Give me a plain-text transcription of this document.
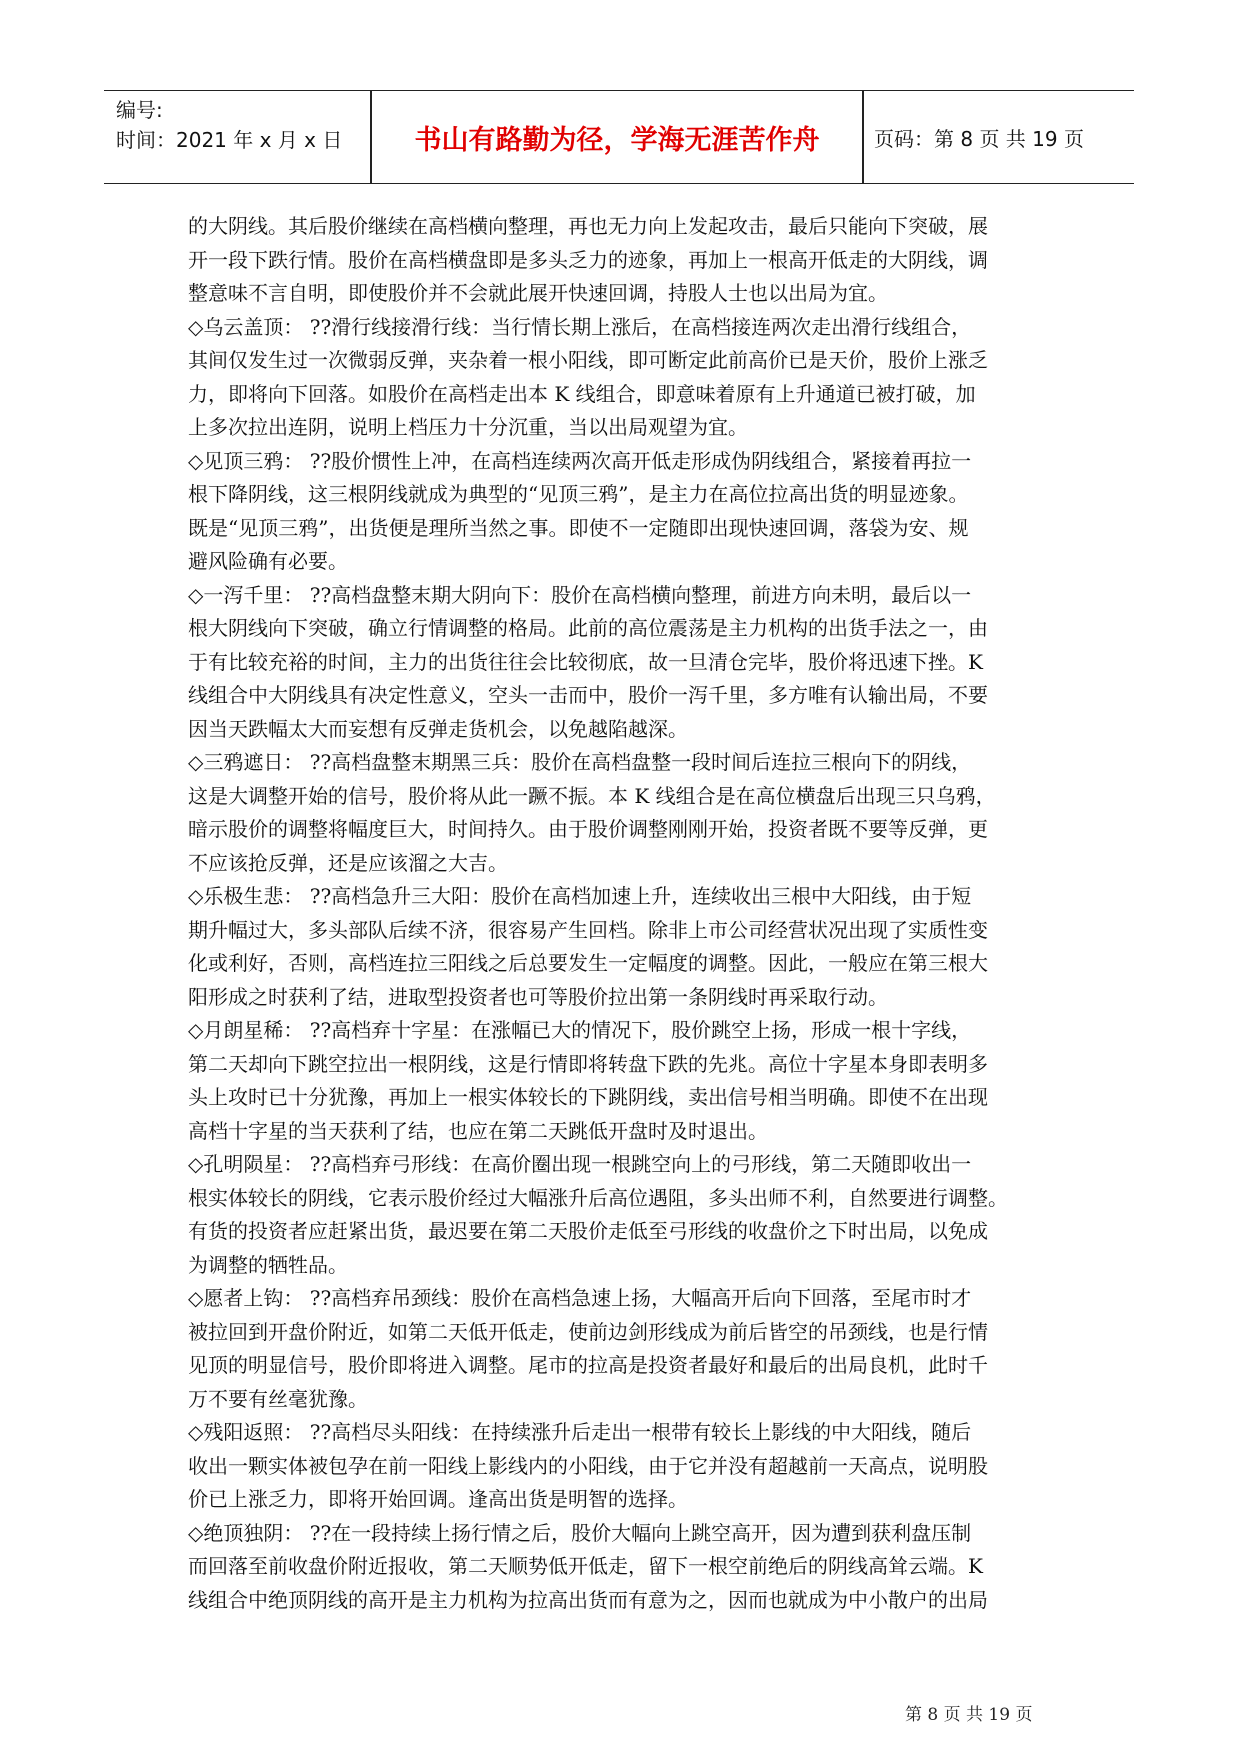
编号:
时间：2021 年 x 月 x 日	书山有路勤为径，学海无涯苦作舟	页码：第 8 页 共 19 页
的大阴线。其后股价继续在高档横向整理，再也无力向上发起攻击，最后只能向下突破，展
开一段下跌行情。股价在高档横盘即是多头乏力的迹象，再加上一根高开低走的大阴线，调
整意味不言自明，即使股价并不会就此展开快速回调，持股人士也以出局为宜。
◇乌云盖顶： ??滑行线接滑行线：当行情长期上涨后，在高档接连两次走出滑行线组合，
其间仅发生过一次微弱反弹，夹杂着一根小阳线，即可断定此前高价已是天价，股价上涨乏
力，即将向下回落。如股价在高档走出本 K 线组合，即意味着原有上升通道已被打破，加
上多次拉出连阴，说明上档压力十分沉重，当以出局观望为宜。
◇见顶三鸦： ??股价惯性上冲，在高档连续两次高开低走形成伪阴线组合，紧接着再拉一
根下降阴线，这三根阴线就成为典型的“见顶三鸦”，是主力在高位拉高出货的明显迹象。
既是“见顶三鸦”，出货便是理所当然之事。即使不一定随即出现快速回调，落袋为安、规
避风险确有必要。
◇一泻千里： ??高档盘整末期大阴向下：股价在高档横向整理，前进方向未明，最后以一
根大阴线向下突破，确立行情调整的格局。此前的高位震荡是主力机构的出货手法之一，由
于有比较充裕的时间，主力的出货往往会比较彻底，故一旦清仓完毕，股价将迅速下挫。K
线组合中大阴线具有决定性意义，空头一击而中，股价一泻千里，多方唯有认输出局，不要
因当天跌幅太大而妄想有反弹走货机会，以免越陷越深。
◇三鸦遮日： ??高档盘整末期黑三兵：股价在高档盘整一段时间后连拉三根向下的阴线，
这是大调整开始的信号，股价将从此一蹶不振。本 K 线组合是在高位横盘后出现三只乌鸦，
暗示股价的调整将幅度巨大，时间持久。由于股价调整刚刚开始，投资者既不要等反弹，更
不应该抢反弹，还是应该溜之大吉。
◇乐极生悲： ??高档急升三大阳：股价在高档加速上升，连续收出三根中大阳线，由于短
期升幅过大，多头部队后续不济，很容易产生回档。除非上市公司经营状况出现了实质性变
化或利好，否则，高档连拉三阳线之后总要发生一定幅度的调整。因此，一般应在第三根大
阳形成之时获利了结，进取型投资者也可等股价拉出第一条阴线时再采取行动。
◇月朗星稀： ??高档弃十字星：在涨幅已大的情况下，股价跳空上扬，形成一根十字线，
第二天却向下跳空拉出一根阴线，这是行情即将转盘下跌的先兆。高位十字星本身即表明多
头上攻时已十分犹豫，再加上一根实体较长的下跳阴线，卖出信号相当明确。即使不在出现
高档十字星的当天获利了结，也应在第二天跳低开盘时及时退出。
◇孔明陨星： ??高档弃弓形线：在高价圈出现一根跳空向上的弓形线，第二天随即收出一
根实体较长的阴线，它表示股价经过大幅涨升后高位遇阻，多头出师不利，自然要进行调整。
有货的投资者应赶紧出货，最迟要在第二天股价走低至弓形线的收盘价之下时出局，以免成
为调整的牺牲品。
◇愿者上钩： ??高档弃吊颈线：股价在高档急速上扬，大幅高开后向下回落，至尾市时才
被拉回到开盘价附近，如第二天低开低走，使前边剑形线成为前后皆空的吊颈线，也是行情
见顶的明显信号，股价即将进入调整。尾市的拉高是投资者最好和最后的出局良机，此时千
万不要有丝毫犹豫。
◇残阳返照： ??高档尽头阳线：在持续涨升后走出一根带有较长上影线的中大阳线，随后
收出一颗实体被包孕在前一阳线上影线内的小阳线，由于它并没有超越前一天高点，说明股
价已上涨乏力，即将开始回调。逢高出货是明智的选择。
◇绝顶独阴： ??在一段持续上扬行情之后，股价大幅向上跳空高开，因为遭到获利盘压制
而回落至前收盘价附近报收，第二天顺势低开低走，留下一根空前绝后的阴线高耸云端。K
线组合中绝顶阴线的高开是主力机构为拉高出货而有意为之，因而也就成为中小散户的出局
第 8 页 共 19 页
